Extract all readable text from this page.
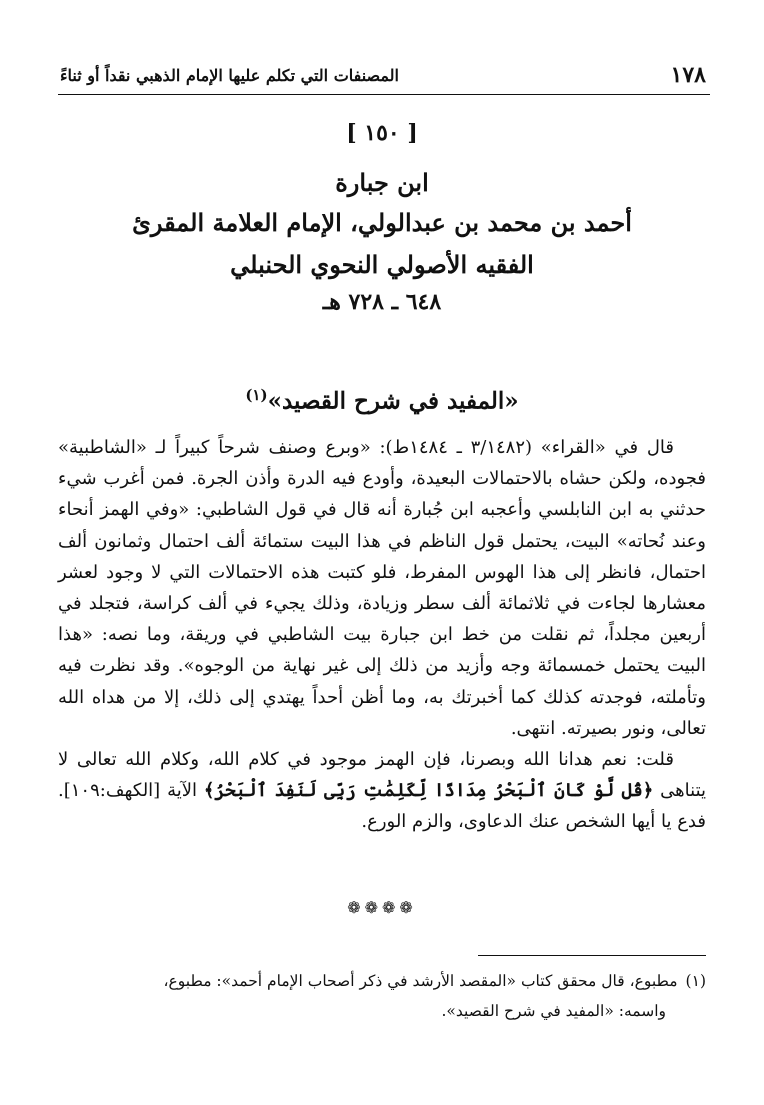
١٧٨
المصنفات التي تكلم عليها الإمام الذهبي نقداً أو ثناءً
[ ١٥٠ ]
ابن جبارة
أحمد بن محمد بن عبدالولي، الإمام العلامة المقرئ
الفقيه الأصولي النحوي الحنبلي
٦٤٨ ـ ٧٢٨ هـ
«المفيد في شرح القصيد»$^{(١)}$

قال في «القراء» (٣/١٤٨٢ ـ ١٤٨٤ط): «وبرع وصنف شرحاً كبيراً لـ «الشاطبية» فجوده، ولكن حشاه بالاحتمالات البعيدة، وأودع فيه الدرة وأذن الجرة. فمن أغرب شيء حدثني به ابن النابلسي وأعجبه ابن جُبارة أنه قال في قول الشاطبي: «وفي الهمز أنحاء وعند نُحاته» البيت، يحتمل قول الناظم في هذا البيت ستمائة ألف احتمال وثمانون ألف احتمال، فانظر إلى هذا الهوس المفرط، فلو كتبت هذه الاحتمالات التي لا وجود لعشر معشارها لجاءت في ثلاثمائة ألف سطر وزيادة، وذلك يجيء في ألف كراسة، فتجلد في أربعين مجلداً، ثم نقلت من خط ابن جبارة بيت الشاطبي في وريقة، وما نصه: «هذا البيت يحتمل خمسمائة وجه وأزيد من ذلك إلى غير نهاية من الوجوه». وقد نظرت فيه وتأملته، فوجدته كذلك كما أخبرتك به، وما أظن أحداً يهتدي إلى ذلك، إلا من هداه الله تعالى، ونور بصيرته. انتهى.

قلت: نعم هدانا الله وبصرنا، فإن الهمز موجود في كلام الله، وكلام الله تعالى لا يتناهى ﴿قُل لَّوْ كَانَ ٱلْبَحْرُ مِدَادًا لِّكَلِمَٰتِ رَبِّى لَنَفِدَ ٱلْبَحْرُ﴾ الآية [الكهف:١٠٩]. فدع يا أيها الشخص عنك الدعاوى، والزم الورع.

❁❁❁❁

(١)مطبوع، قال محقق كتاب «المقصد الأرشد في ذكر أصحاب الإمام أحمد»: مطبوع،

واسمه: «المفيد في شرح القصيد».
